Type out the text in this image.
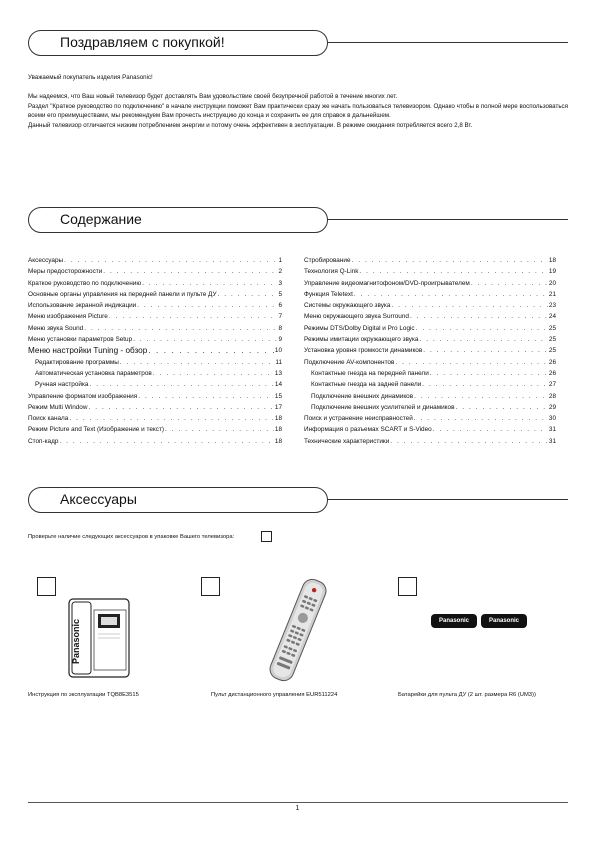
Поздравляем с покупкой!

Уважаемый покупатель изделия Panasonic!

Мы надеемся, что Ваш новый телевизор будет доставлять Вам удовольствие своей безупречной работой в течение многих лет.

Раздел "Краткое руководство по подключению" в начале инструкции поможет Вам практически сразу же начать пользоваться телевизором. Однако чтобы в полной мере воспользоваться всеми его преимуществами, мы рекомендуем Вам прочесть инструкцию до конца и сохранить ее для справок в дальнейшем.

Данный телевизор отличается низким потреблением энергии и потому очень эффективен в эксплуатации. В режиме ожидания потребляется всего 2,8 Вт.

Содержание
Аксессуары . . .	1
Меры предосторожности . . .	2
Краткое руководство по подключению . . .	3
Основные органы управления на передней панели и пульте ДУ . . .	5
Использование экранной индикации . . .	6
Меню изображения Picture . . .	7
Меню звука Sound . . .	8
Меню установки параметров Setup . . .	9
Меню настройки Tuning - обзор . . .	10
Редактирование программы . . .	11
Автоматическая установка параметров . . .	13
Ручная настройка . . .	14
Управление форматом изображения . . .	15
Режим Multi Window . . .	17
Поиск канала . . .	18
Режим Picture and Text (Изображение и текст) . . .	18
Стоп-кадр . . .	18
Стробирование . . .	18
Технология Q-Link . . .	19
Управление видеомагнитофоном/DVD-проигрывателем . . .	20
Функция Teletext . . .	21
Системы окружающего звука . . .	23
Меню окружающего звука Surround . . .	24
Режимы DTS/Dolby Digital и Pro Logic . . .	25
Режимы имитации окружающего звука . . .	25
Установка уровня громкости динамиков . . .	25
Подключение AV-компонентов . . .	26
Контактные гнезда на передней панели . . .	26
Контактные гнезда на задней панели . . .	27
Подключение внешних динамиков . . .	28
Подключение внешних усилителей и динамиков . . .	29
Поиск и устранение неисправностей . . .	30
Информация о разъемах SCART и S-Video . . .	31
Технические характеристики . . .	31
Аксессуары
Проверьте наличие следующих аксессуаров в упаковке Вашего телевизора:
Panasonic
Инструкция по эксплуатации TQB8E3515	Пульт дистанционного управления EUR511224
Panasonic	Panasonic
Батарейки для пульта ДУ (2 шт. размера R6 (UM3))
1
